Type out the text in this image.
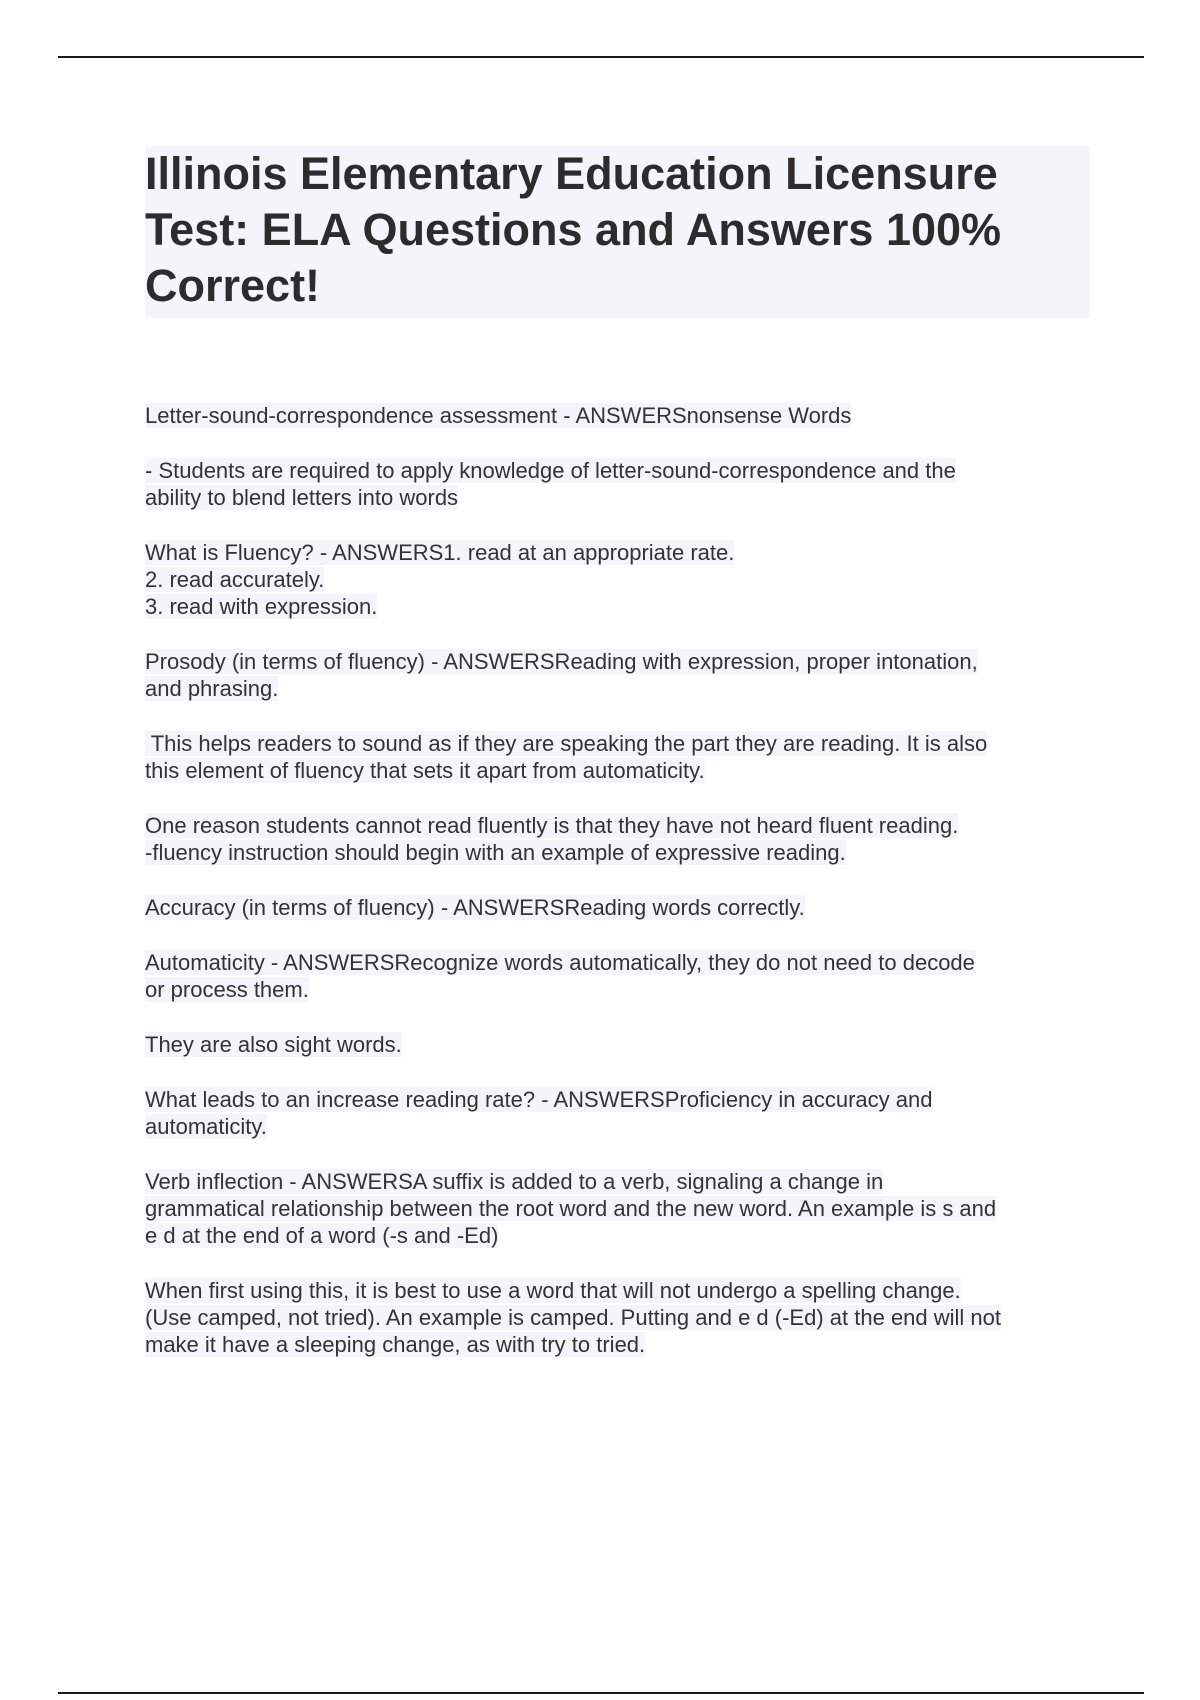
Illinois Elementary Education Licensure
Test: ELA Questions and Answers 100%
Correct!
Letter-sound-correspondence assessment - ANSWERSnonsense Words
- Students are required to apply knowledge of letter-sound-correspondence and the
ability to blend letters into words
What is Fluency? - ANSWERS1. read at an appropriate rate.
2. read accurately.
3. read with expression.
Prosody (in terms of fluency) - ANSWERSReading with expression, proper intonation,
and phrasing.
This helps readers to sound as if they are speaking the part they are reading. It is also
this element of fluency that sets it apart from automaticity.
One reason students cannot read fluently is that they have not heard fluent reading.
-fluency instruction should begin with an example of expressive reading.
Accuracy (in terms of fluency) - ANSWERSReading words correctly.
Automaticity - ANSWERSRecognize words automatically, they do not need to decode
or process them.
They are also sight words.
What leads to an increase reading rate? - ANSWERSProficiency in accuracy and
automaticity.
Verb inflection - ANSWERSA suffix is added to a verb, signaling a change in
grammatical relationship between the root word and the new word. An example is s and
e d at the end of a word (-s and -Ed)
When first using this, it is best to use a word that will not undergo a spelling change.
(Use camped, not tried). An example is camped. Putting and e d (-Ed) at the end will not
make it have a sleeping change, as with try to tried.
